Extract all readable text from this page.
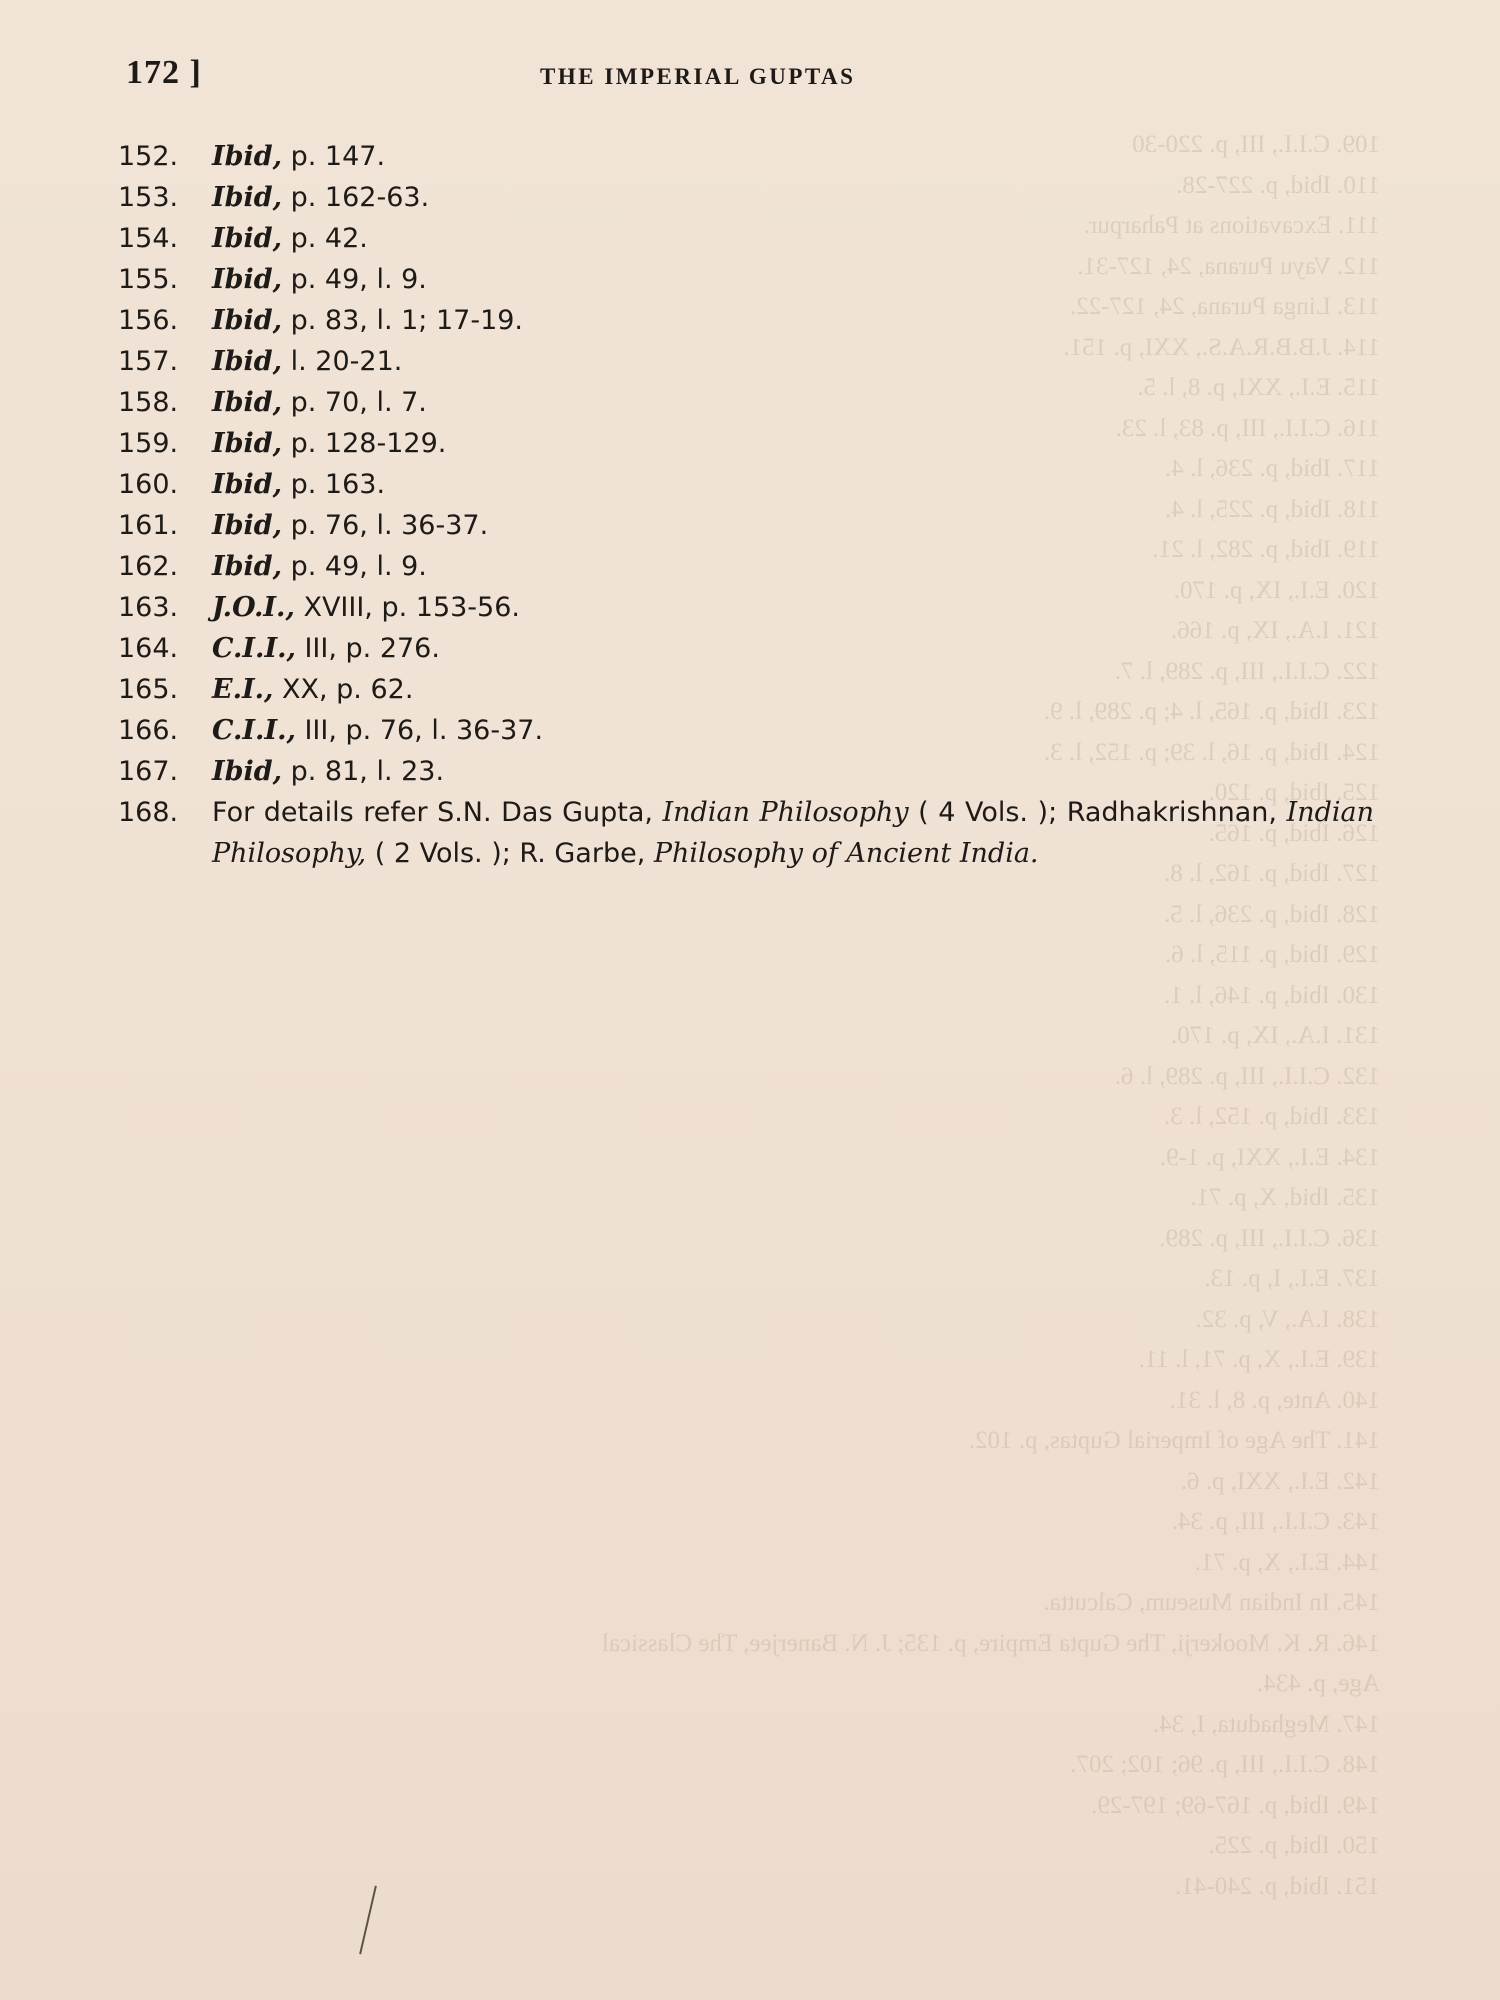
109. C.I.I., III, p. 220-30
110. Ibid, p. 227-28.
111. Excavations at Paharpur.
112. Vayu Purana, 24, 127-31.
113. Linga Purana, 24, 127-22.
114. J.B.B.R.A.S., XXI, p. 151.
115. E.I., XXI, p. 8, l. 5.
116. C.I.I., III, p. 83, l. 23.
117. Ibid, p. 236, l. 4.
118. Ibid, p. 225, l. 4.
119. Ibid, p. 282, l. 21.
120. E.I., IX, p. 170.
121. I.A., IX, p. 166.
122. C.I.I., III, p. 289, l. 7.
123. Ibid, p. 165, l. 4; p. 289, l. 9.
124. Ibid, p. 16, l. 39; p. 152, l. 3.
125. Ibid, p. 120.
126. Ibid, p. 165.
127. Ibid, p. 162, l. 8.
128. Ibid, p. 236, l. 5.
129. Ibid, p. 115, l. 6.
130. Ibid, p. 146, l. 1.
131. I.A., IX, p. 170.
132. C.I.I., III, p. 289, l. 6.
133. Ibid, p. 152, l. 3.
134. E.I., XXI, p. 1-9.
135. Ibid, X, p. 71.
136. C.I.I., III, p. 289.
137. E.I., I, p. 13.
138. I.A., V, p. 32.
139. E.I., X, p. 71, l. 11.
140. Ante, p. 8, l. 31.
141. The Age of Imperial Guptas, p. 102.
142. E.I., XXI, p. 6.
143. C.I.I., III, p. 34.
144. E.I., X, p. 71.
145. In Indian Museum, Calcutta.
146. R. K. Mookerji, The Gupta Empire, p. 135; J. N. Banerjee, The Classical
Age, p. 434.
147. Meghaduta, I, 34.
148. C.I.I., III, p. 96; 102; 207.
149. Ibid, p. 167-69; 197-29.
150. Ibid, p. 225.
151. Ibid, p. 240-41.
172 ]	THE IMPERIAL GUPTAS
152.	Ibid, p. 147.
153.	Ibid, p. 162-63.
154.	Ibid, p. 42.
155.	Ibid, p. 49, l. 9.
156.	Ibid, p. 83, l. 1; 17-19.
157.	Ibid, l. 20-21.
158.	Ibid, p. 70, l. 7.
159.	Ibid, p. 128-129.
160.	Ibid, p. 163.
161.	Ibid, p. 76, l. 36-37.
162.	Ibid, p. 49, l. 9.
163.	J.O.I., XVIII, p. 153-56.
164.	C.I.I., III, p. 276.
165.	E.I., XX, p. 62.
166.	C.I.I., III, p. 76, l. 36-37.
167.	Ibid, p. 81, l. 23.
168.	For details refer S.N. Das Gupta, Indian Philosophy ( 4 Vols. ); Radhakrishnan, Indian Philosophy, ( 2 Vols. ); R. Garbe, Philosophy of Ancient India.
